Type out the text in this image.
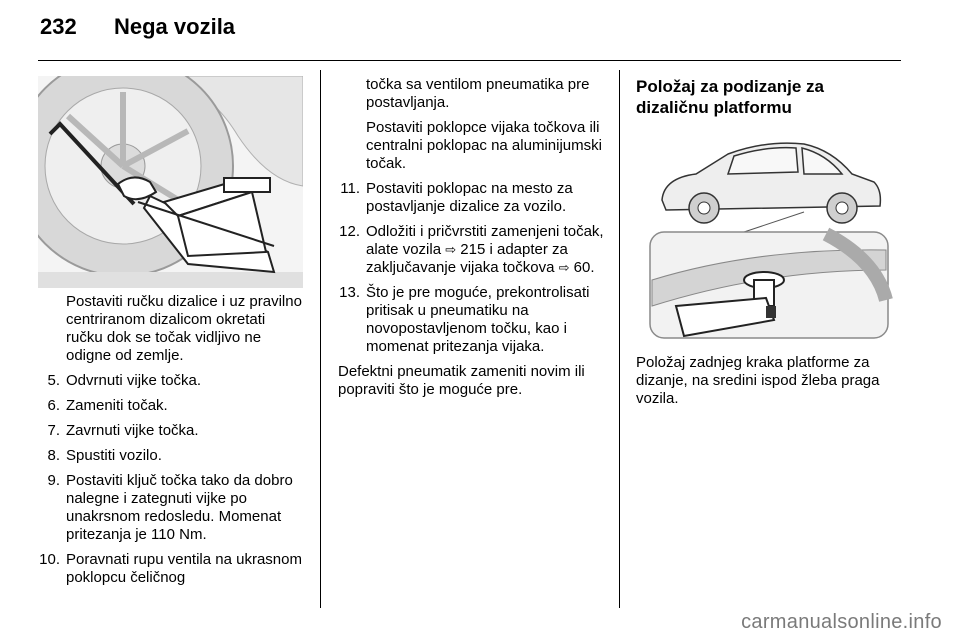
232 Nega vozila

Postaviti ručku dizalice i uz pravilno centriranom dizalicom okretati ručku dok se točak vidljivo ne odigne od zemlje.

5. Odvrnuti vijke točka.
6. Zameniti točak.
7. Zavrnuti vijke točka.
8. Spustiti vozilo.
9. Postaviti ključ točka tako da dobro nalegne i zategnuti vijke po unakrsnom redosledu. Momenat pritezanja je 110 Nm.
10. Poravnati rupu ventila na ukrasnom poklopcu čeličnog

točka sa ventilom pneumatika pre postavljanja.

Postaviti poklopce vijaka točkova ili centralni poklopac na aluminijumski točak.

11. Postaviti poklopac na mesto za postavljanje dizalice za vozilo.
12. Odložiti i pričvrstiti zamenjeni točak, alate vozila ⇨ 215 i adapter za zaključavanje vijaka točkova ⇨ 60.
13. Što je pre moguće, prekontrolisati pritisak u pneumatiku na novopostavljenom točku, kao i momenat pritezanja vijaka.

Defektni pneumatik zameniti novim ili popraviti što je moguće pre.

Položaj za podizanje za dizaličnu platformu
Položaj zadnjeg kraka platforme za dizanje, na sredini ispod žleba praga vozila.
carmanualsonline.info
